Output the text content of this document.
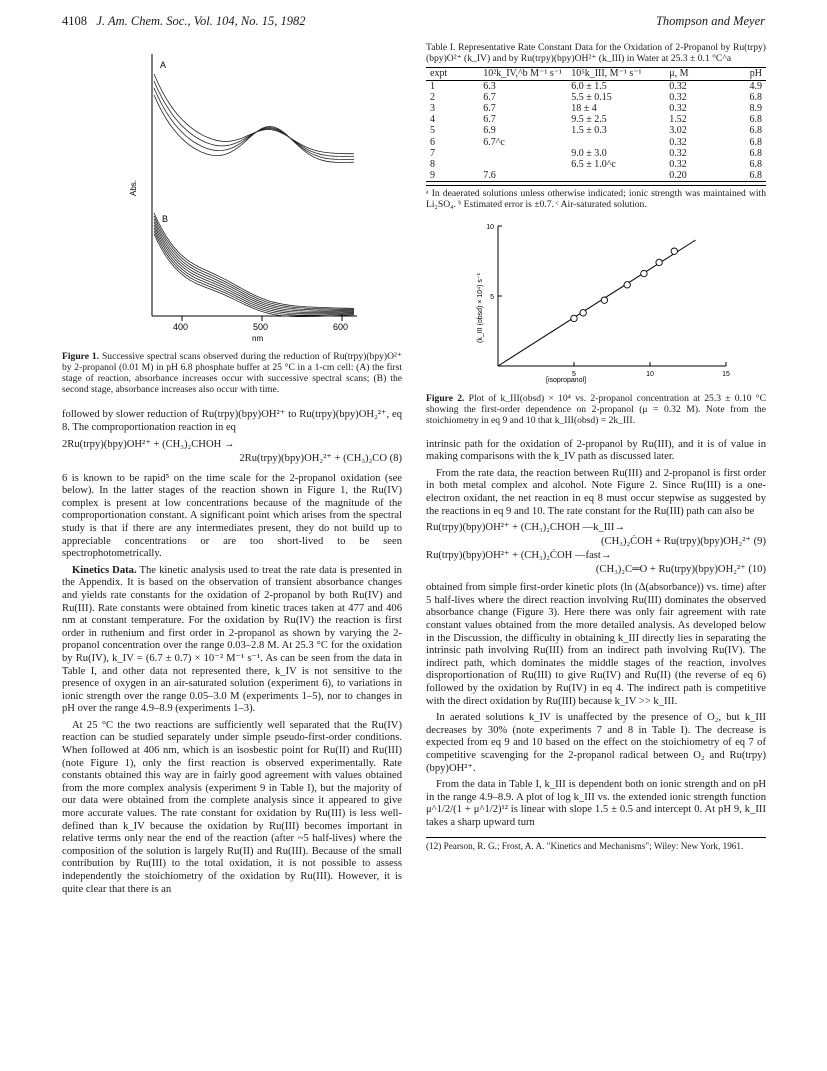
4108 J. Am. Chem. Soc., Vol. 104, No. 15, 1982	Thompson and Meyer
A
B
Abs.
400	500	600
nm
Figure 1. Successive spectral scans observed during the reduction of Ru(trpy)(bpy)O²⁺ by 2-propanol (0.01 M) in pH 6.8 phosphate buffer at 25 °C in a 1-cm cell: (A) the first stage of reaction, absorbance increases occur with successive spectral scans; (B) the second stage, absorbance increases also occur with time.

followed by slower reduction of Ru(trpy)(bpy)OH²⁺ to Ru(trpy)(bpy)OH₂²⁺, eq 8. The comproportionation reaction in eq

2Ru(trpy)(bpy)OH²⁺ + (CH₃)₂CHOH →
2Ru(trpy)(bpy)OH₂²⁺ + (CH₃)₂CO (8)

6 is known to be rapid⁵ on the time scale for the 2-propanol oxidation (see below). In the latter stages of the reaction shown in Figure 1, the Ru(IV) complex is present at low concentrations because of the magnitude of the comproportionation constant. A significant point which arises from the spectral study is that if there are any intermediates present, they do not build up to appreciable concentrations or are too short-lived to be seen spectrophotometrically.

Kinetics Data. The kinetic analysis used to treat the rate data is presented in the Appendix. It is based on the observation of transient absorbance changes and yields rate constants for the oxidation of 2-propanol by both Ru(IV) and Ru(III). Rate constants were obtained from kinetic traces taken at 477 and 406 nm at constant temperature. For the oxidation by Ru(IV) the reaction is first order in ruthenium and first order in 2-propanol as shown by varying the 2-propanol concentration over the range 0.03–2.8 M. At 25.3 °C for the oxidation by Ru(IV), k_IV = (6.7 ± 0.7) × 10⁻² M⁻¹ s⁻¹. As can be seen from the data in Table I, and other data not represented there, k_IV is not sensitive to the presence of oxygen in an air-saturated solution (experiment 6), to variations in ionic strength over the range 0.05–3.0 M (experiments 1–5), nor to changes in pH over the range 4.9–8.9 (experiments 1–3).

At 25 °C the two reactions are sufficiently well separated that the Ru(IV) reaction can be studied separately under simple pseudo-first-order conditions. When followed at 406 nm, which is an isosbestic point for Ru(II) and Ru(III) (note Figure 1), only the first reaction is observed experimentally. Rate constants obtained this way are in fairly good agreement with values obtained from the more complex analysis (experiment 9 in Table I), but the majority of our data were obtained from the complete analysis since it appeared to give more accurate values. The rate constant for oxidation by Ru(III) is less well-defined than k_IV because the oxidation by Ru(III) becomes important in relative terms only near the end of the reaction (after ~5 half-lives) where the composition of the solution is largely Ru(II) and Ru(III). Because of the small contribution by Ru(III) to the total oxidation, it is not possible to assess independently the stoichiometry of the oxidation by Ru(III). However, it is quite clear that there is an

Table I. Representative Rate Constant Data for the Oxidation of 2-Propanol by Ru(trpy)(bpy)O²⁺ (k_IV) and by Ru(trpy)(bpy)OH²⁺ (k_III) in Water at 25.3 ± 0.1 °C^a
expt	10²k_IV,^b M⁻¹ s⁻¹	10⁵k_III, M⁻¹ s⁻¹	μ, M	pH
1	6.3	6.0 ± 1.5	0.32	4.9
2	6.7	5.5 ± 0.15	0.32	6.8
3	6.7	18 ± 4	0.32	8.9
4	6.7	9.5 ± 2.5	1.52	6.8
5	6.9	1.5 ± 0.3	3.02	6.8
6	6.7^c		0.32	6.8
7		9.0 ± 3.0	0.32	6.8
8		6.5 ± 1.0^c	0.32	6.8
9	7.6		0.20	6.8
ᵃ In deaerated solutions unless otherwise indicated; ionic strength was maintained with Li₂SO₄. ᵇ Estimated error is ±0.7. ᶜ Air-saturated solution.
(k_III (obsd) × 10⁴) s⁻¹ 5
10
5	10	15
[isopropanol]
Figure 2. Plot of k_III(obsd) × 10⁴ vs. 2-propanol concentration at 25.3 ± 0.10 °C showing the first-order dependence on 2-propanol (μ = 0.32 M). Note from the stoichiometry in eq 9 and 10 that k_III(obsd) = 2k_III.

intrinsic path for the oxidation of 2-propanol by Ru(III), and it is of value in making comparisons with the k_IV path as discussed later.

From the rate data, the reaction between Ru(III) and 2-propanol is first order in both metal complex and alcohol. Note Figure 2. Since Ru(III) is a one-electron oxidant, the net reaction in eq 8 must occur stepwise as suggested by the reactions in eq 9 and 10. The rate constant for the Ru(III) path can also be

Ru(trpy)(bpy)OH²⁺ + (CH₃)₂CHOH —k_III→
(CH₃)₂ĊOH + Ru(trpy)(bpy)OH₂²⁺ (9)
Ru(trpy)(bpy)OH²⁺ + (CH₃)₂ĊOH —fast→
(CH₃)₂C═O + Ru(trpy)(bpy)OH₂²⁺ (10)

obtained from simple first-order kinetic plots (ln (Δ(absorbance)) vs. time) after 5 half-lives where the direct reaction involving Ru(III) dominates the observed absorbance change (Figure 3). Here there was only fair agreement with rate constant values obtained from the more detailed analysis. As developed below in the Discussion, the difficulty in obtaining k_III directly lies in separating the intrinsic path involving Ru(III) from an indirect path involving Ru(IV). The indirect path, which dominates the middle stages of the reaction, involves disproportionation of Ru(III) to give Ru(IV) and Ru(II) (the reverse of eq 6) followed by the oxidation by Ru(IV) in eq 4. The indirect path is competitive with the direct oxidation by Ru(III) because k_IV >> k_III.

In aerated solutions k_IV is unaffected by the presence of O₂, but k_III decreases by 30% (note experiments 7 and 8 in Table I). The decrease is expected from eq 9 and 10 based on the effect on the stoichiometry of eq 7 of competitive scavenging for the 2-propanol radical between O₂ and Ru(trpy)(bpy)OH²⁺.

From the data in Table I, k_III is dependent both on ionic strength and on pH in the range 4.9–8.9. A plot of log k_III vs. the extended ionic strength function μ^1/2/(1 + μ^1/2)¹² is linear with slope 1.5 ± 0.5 and intercept 0. At pH 9, k_III takes a sharp upward turn

(12) Pearson, R. G.; Frost, A. A. "Kinetics and Mechanisms"; Wiley: New York, 1961.
